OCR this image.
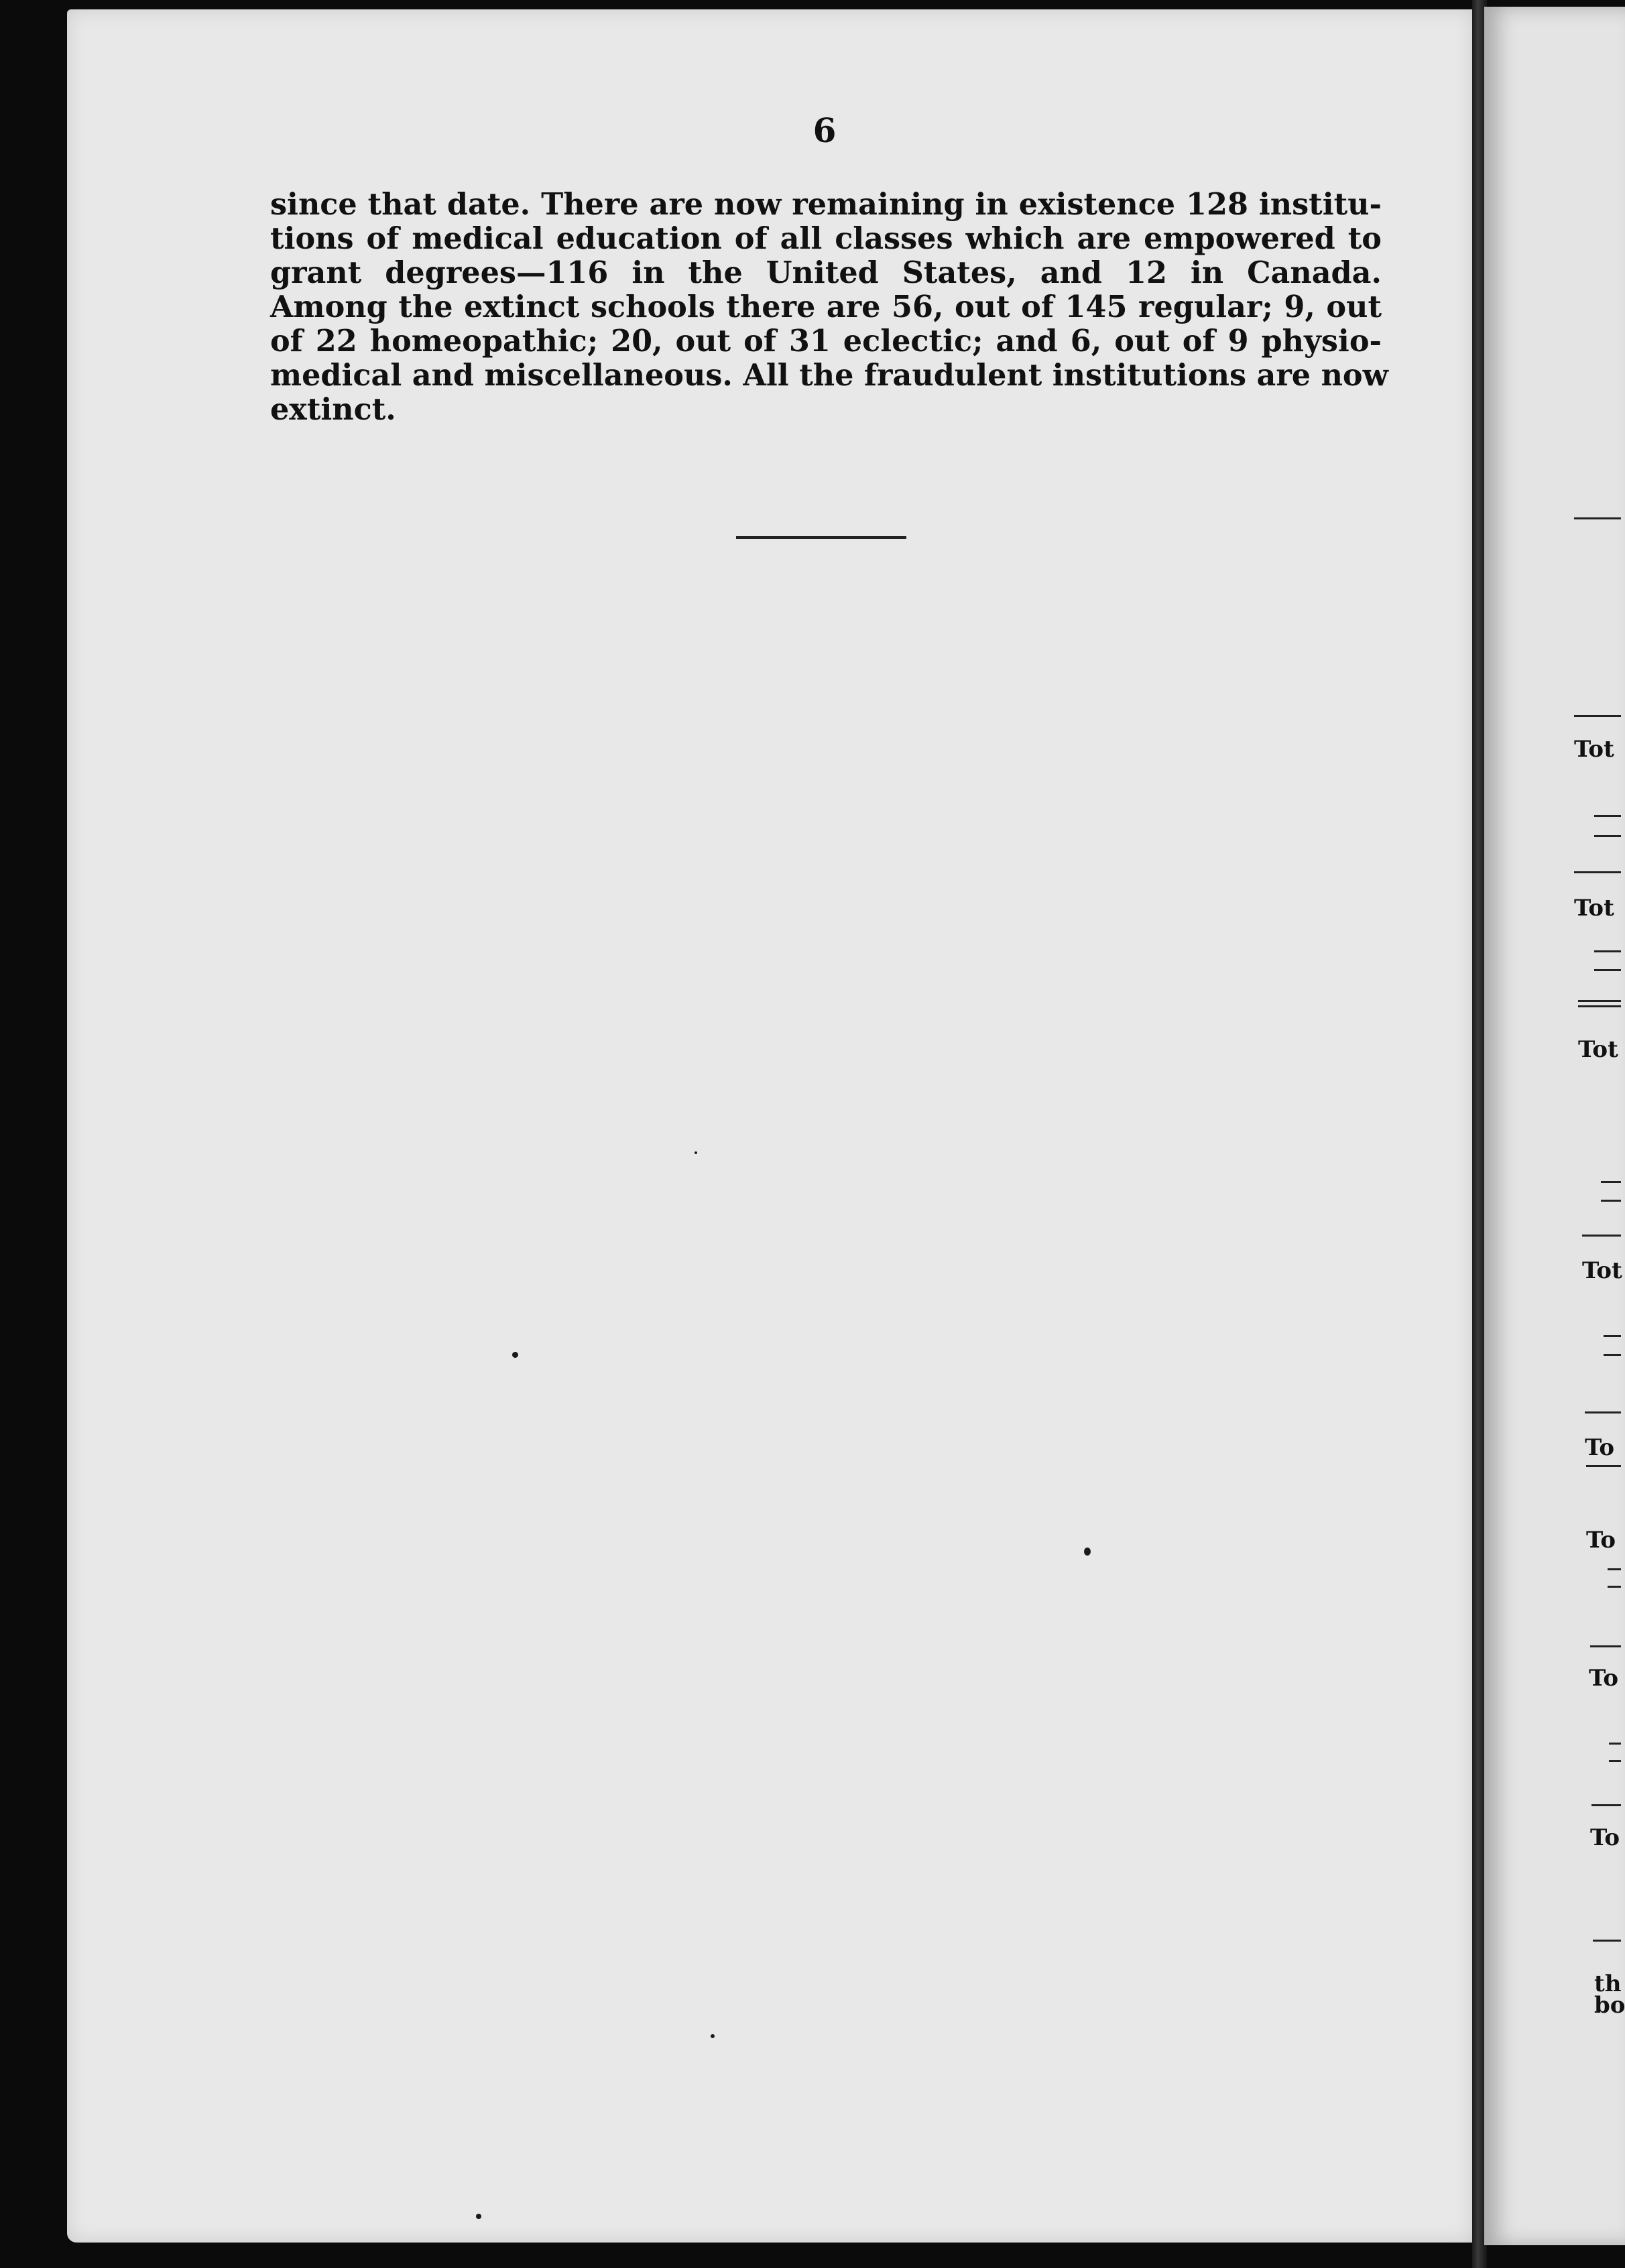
6
since that date. There are now remaining in existence 128 institu-
tions of medical education of all classes which are empowered to
grant degrees—116 in the United States, and 12 in Canada.
Among the extinct schools there are 56, out of 145 regular; 9, out
of 22 homeopathic; 20, out of 31 eclectic; and 6, out of 9 physio-
medical and miscellaneous. All the fraudulent institutions are now
extinct.
Tot
Tot
Tot
Tot
To
To
To
To
th
bo
